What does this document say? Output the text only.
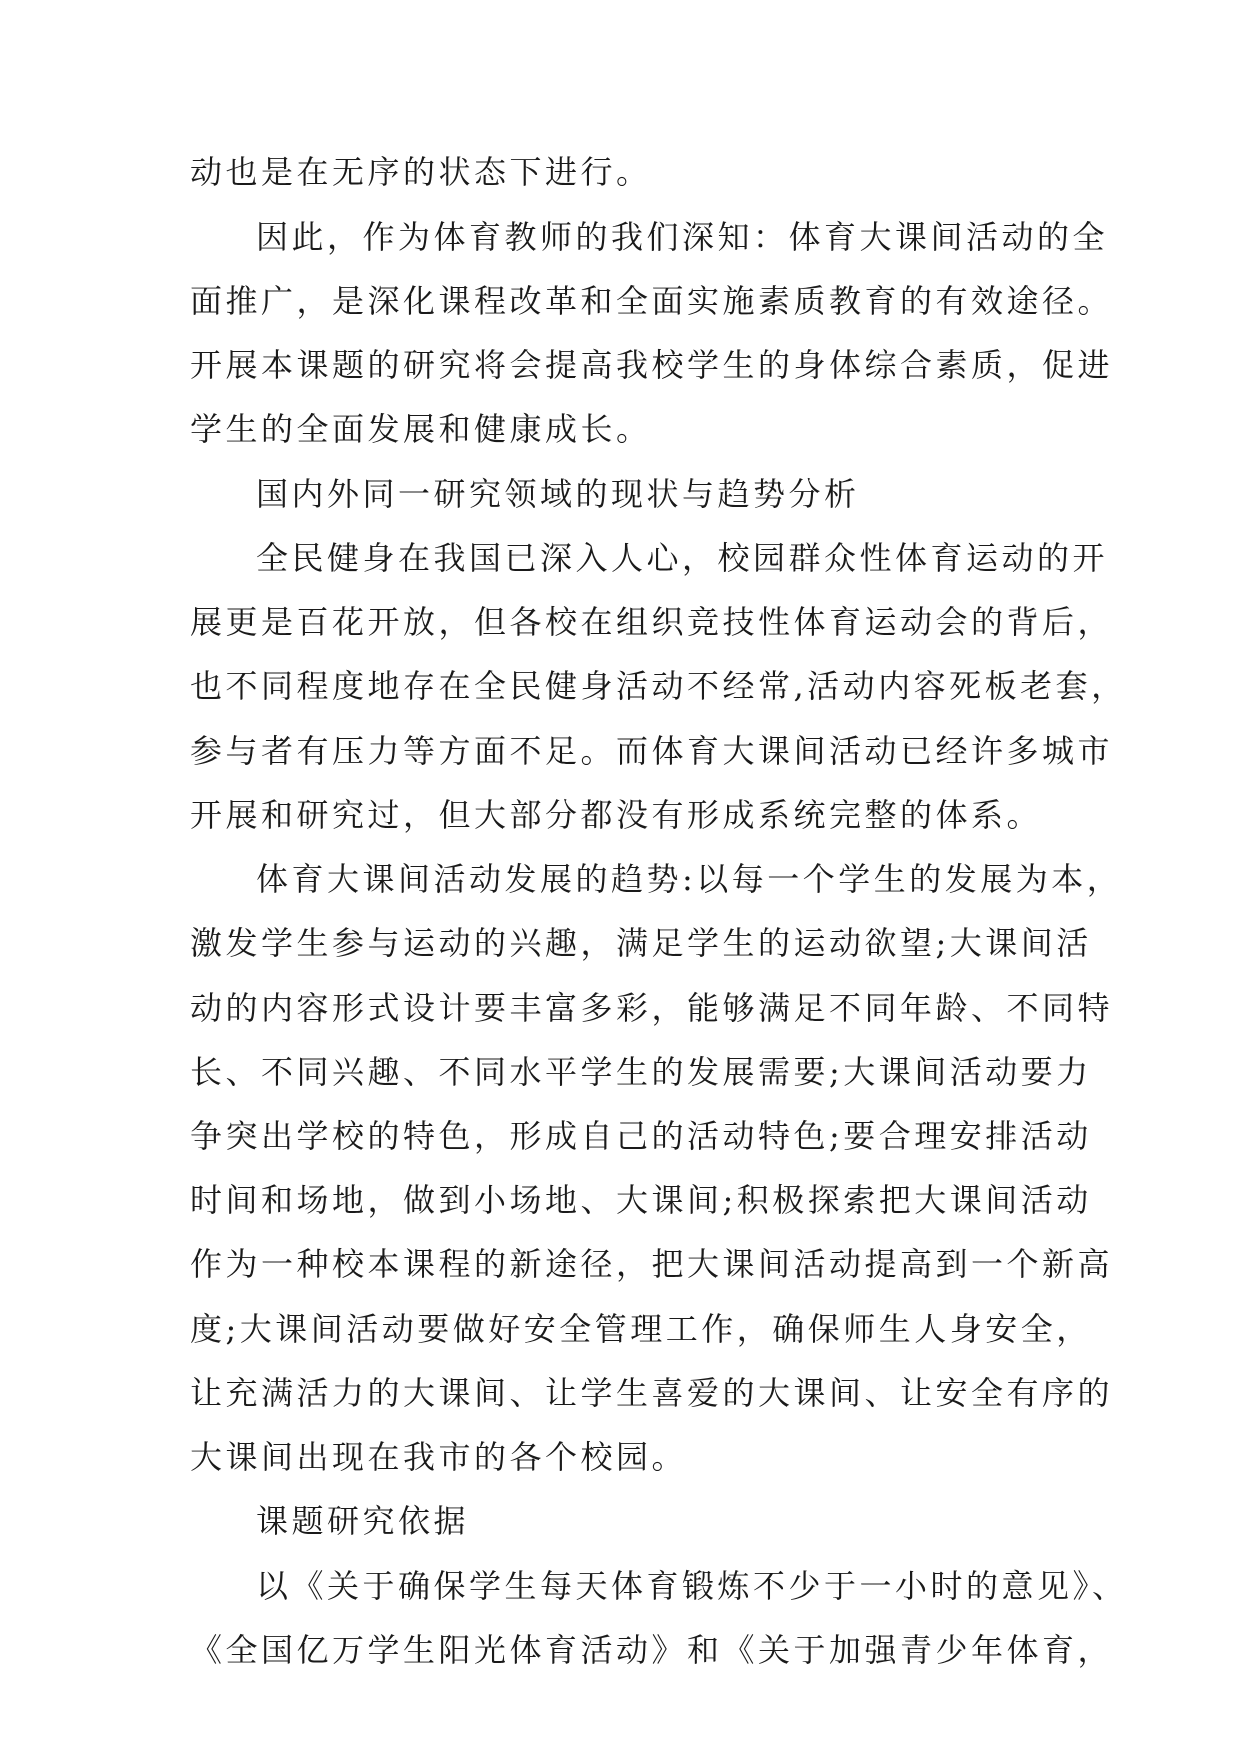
动也是在无序的状态下进行。
因此，作为体育教师的我们深知：体育大课间活动的全
面推广，是深化课程改革和全面实施素质教育的有效途径。
开展本课题的研究将会提高我校学生的身体综合素质，促进
学生的全面发展和健康成长。
国内外同一研究领域的现状与趋势分析
全民健身在我国已深入人心，校园群众性体育运动的开
展更是百花开放，但各校在组织竞技性体育运动会的背后，
也不同程度地存在全民健身活动不经常,活动内容死板老套，
参与者有压力等方面不足。而体育大课间活动已经许多城市
开展和研究过，但大部分都没有形成系统完整的体系。
体育大课间活动发展的趋势:以每一个学生的发展为本，
激发学生参与运动的兴趣，满足学生的运动欲望;大课间活
动的内容形式设计要丰富多彩，能够满足不同年龄、不同特
长、不同兴趣、不同水平学生的发展需要;大课间活动要力
争突出学校的特色，形成自己的活动特色;要合理安排活动
时间和场地，做到小场地、大课间;积极探索把大课间活动
作为一种校本课程的新途径，把大课间活动提高到一个新高
度;大课间活动要做好安全管理工作，确保师生人身安全，
让充满活力的大课间、让学生喜爱的大课间、让安全有序的
大课间出现在我市的各个校园。
课题研究依据
以《关于确保学生每天体育锻炼不少于一小时的意见》、
《全国亿万学生阳光体育活动》和《关于加强青少年体育，
